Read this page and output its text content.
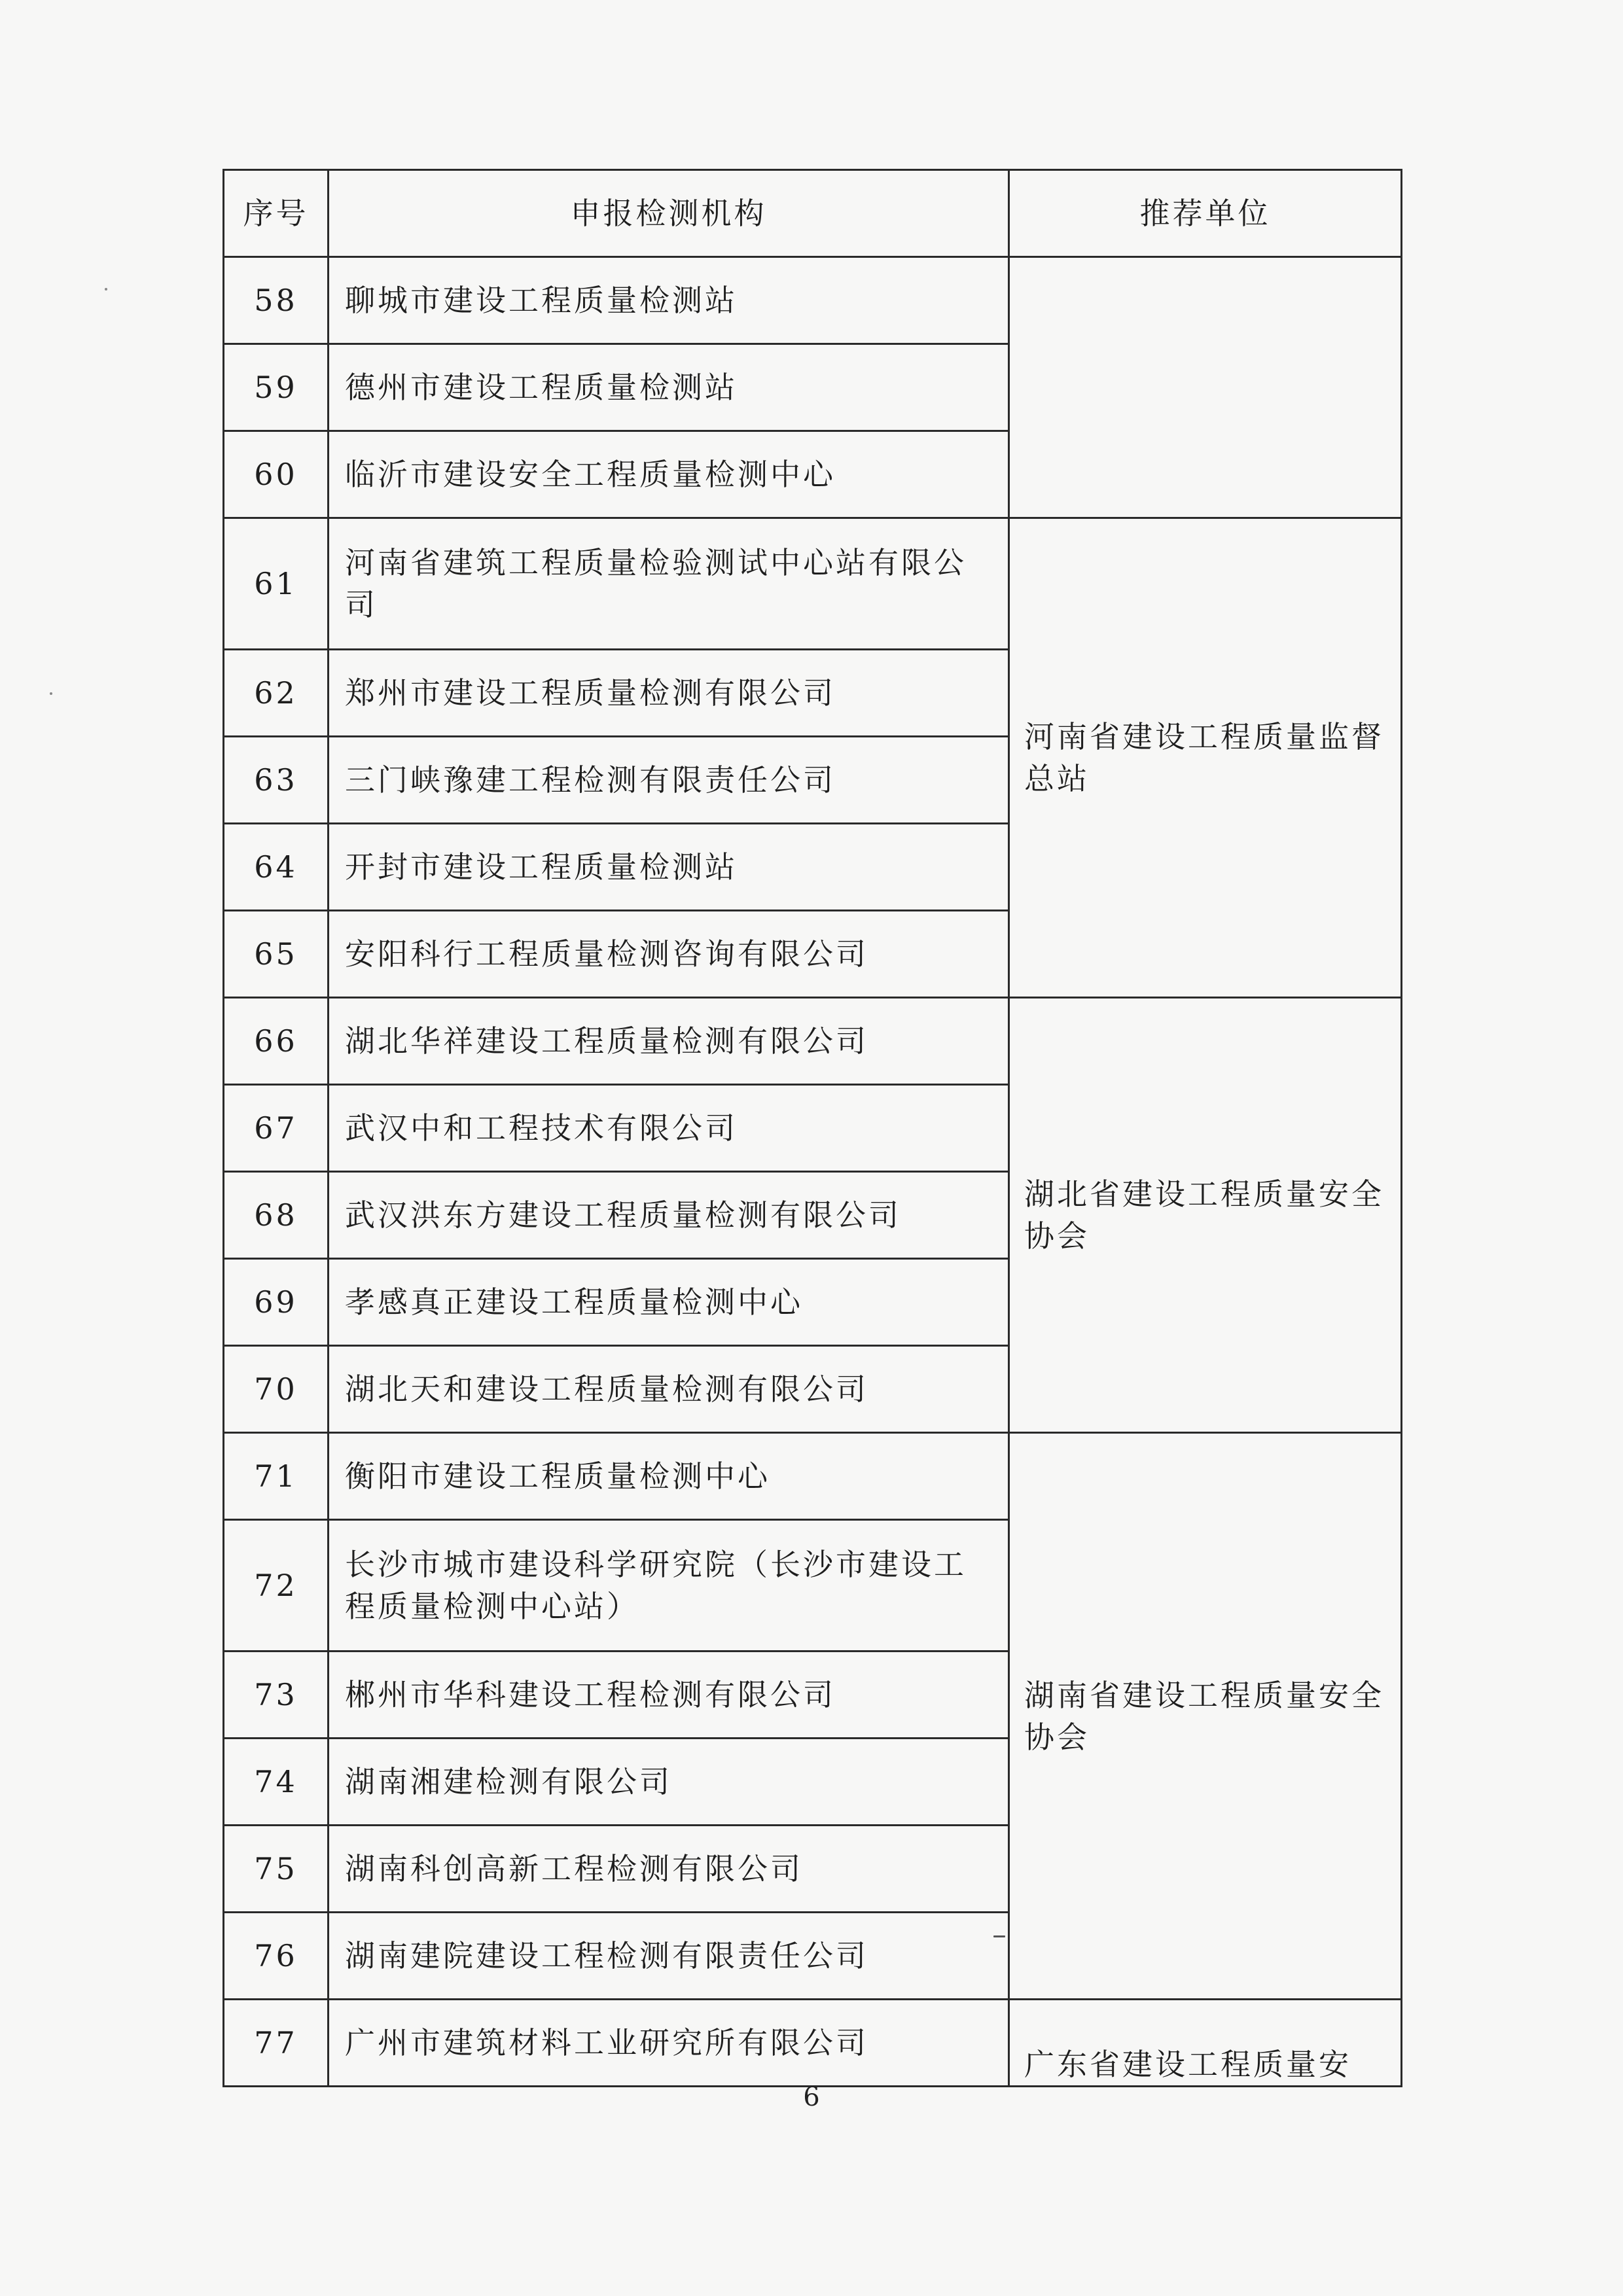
序号	申报检测机构	推荐单位
58	聊城市建设工程质量检测站	
59	德州市建设工程质量检测站	
60	临沂市建设安全工程质量检测中心	
61	河南省建筑工程质量检验测试中心站有限公司	河南省建设工程质量监督总站
62	郑州市建设工程质量检测有限公司	
63	三门峡豫建工程检测有限责任公司	
64	开封市建设工程质量检测站	
65	安阳科行工程质量检测咨询有限公司	
66	湖北华祥建设工程质量检测有限公司	湖北省建设工程质量安全协会
67	武汉中和工程技术有限公司	
68	武汉洪东方建设工程质量检测有限公司	
69	孝感真正建设工程质量检测中心	
70	湖北天和建设工程质量检测有限公司	
71	衡阳市建设工程质量检测中心	湖南省建设工程质量安全协会
72	长沙市城市建设科学研究院（长沙市建设工程质量检测中心站）	
73	郴州市华科建设工程检测有限公司	
74	湖南湘建检测有限公司	
75	湖南科创高新工程检测有限公司	
76	湖南建院建设工程检测有限责任公司	
77	广州市建筑材料工业研究所有限公司	广东省建设工程质量安
6
